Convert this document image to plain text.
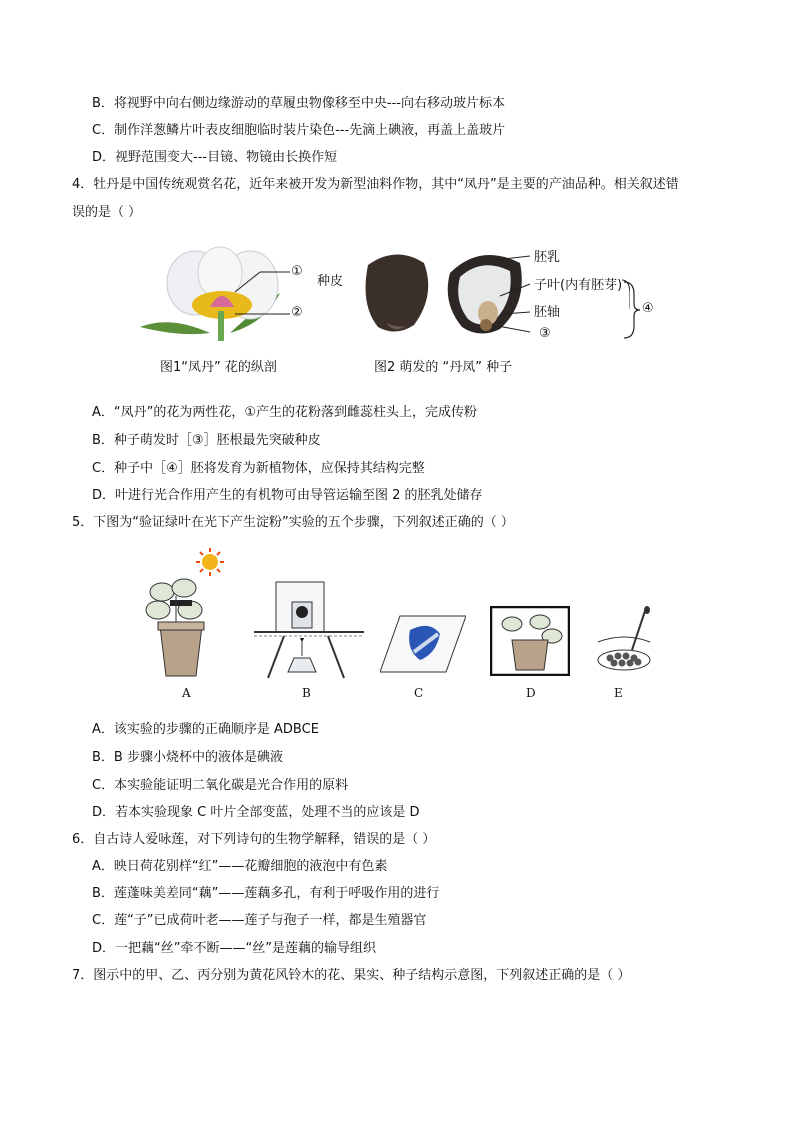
B．将视野中向右侧边缘游动的草履虫物像移至中央---向右移动玻片标本
C．制作洋葱鳞片叶表皮细胞临时装片染色---先滴上碘液，再盖上盖玻片
D．视野范围变大---目镜、物镜由长换作短
4．牡丹是中国传统观赏名花，近年来被开发为新型油料作物，其中“凤丹”是主要的产油品种。相关叙述错
误的是（ ）
①
②
图1“凤丹” 花的纵剖
种皮
胚乳
子叶(内有胚芽)
胚轴
③
④
图2 萌发的 “丹凤” 种子
A．“凤丹”的花为两性花，①产生的花粉落到雌蕊柱头上，完成传粉
B．种子萌发时［③］胚根最先突破种皮
C．种子中［④］胚将发育为新植物体，应保持其结构完整
D．叶进行光合作用产生的有机物可由导管运输至图 2 的胚乳处储存
5．下图为“验证绿叶在光下产生淀粉”实验的五个步骤，下列叙述正确的（ ）
A	B	C	D	E
A．该实验的步骤的正确顺序是 ADBCE
B．B 步骤小烧杯中的液体是碘液
C．本实验能证明二氧化碳是光合作用的原料
D．若本实验现象 C 叶片全部变蓝，处理不当的应该是 D
6．自古诗人爱咏莲，对下列诗句的生物学解释，错误的是（ ）
A．映日荷花别样“红”——花瓣细胞的液泡中有色素
B．莲蓬味美差同“藕”——莲藕多孔，有利于呼吸作用的进行
C．莲“子”已成荷叶老——莲子与孢子一样，都是生殖器官
D．一把藕“丝”牵不断——“丝”是莲藕的输导组织
7．图示中的甲、乙、丙分别为黄花风铃木的花、果实、种子结构示意图，下列叙述正确的是（ ）
